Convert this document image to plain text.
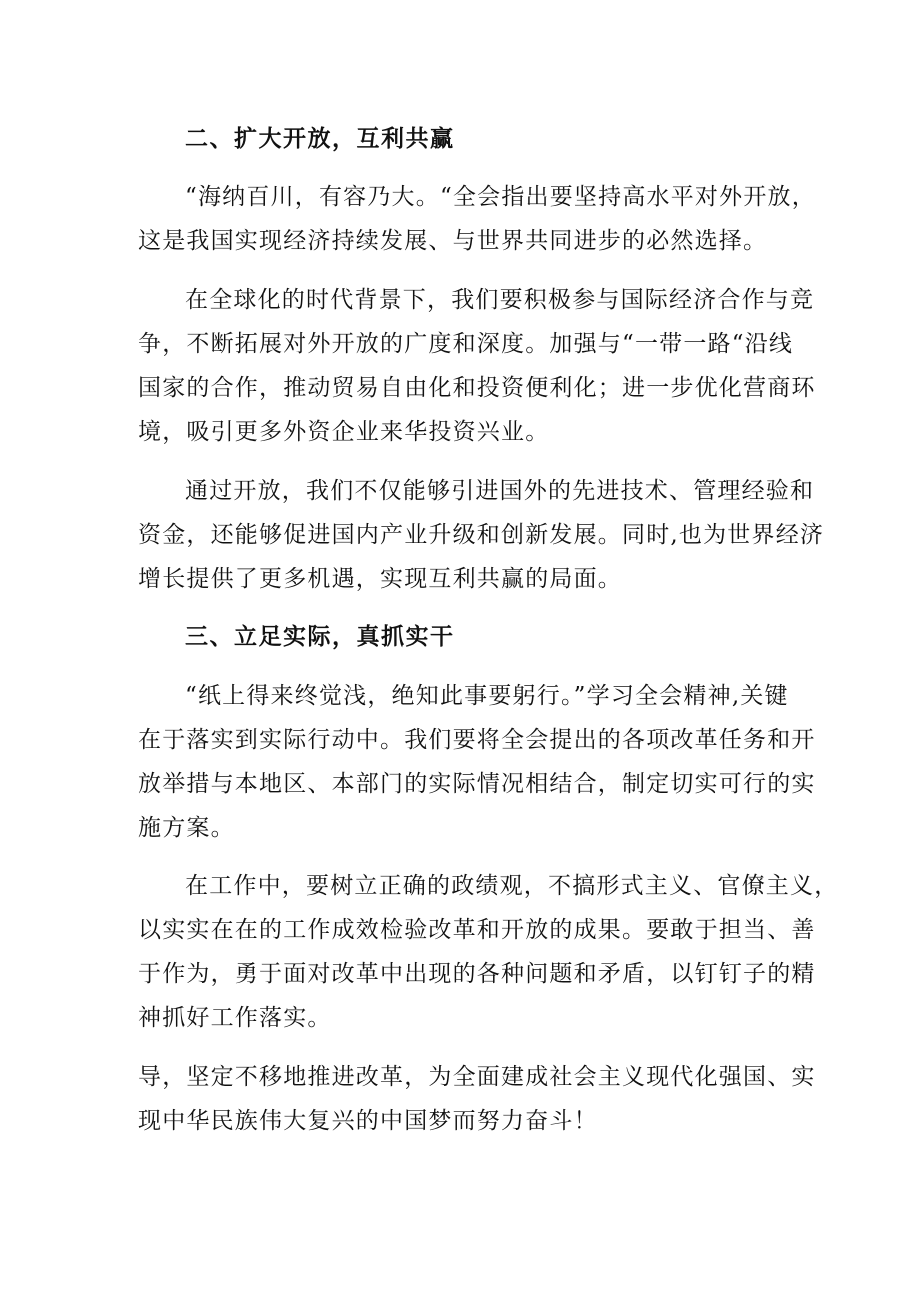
二、扩大开放，互利共赢
“海纳百川，有容乃大。“全会指出要坚持高水平对外开放，
这是我国实现经济持续发展、与世界共同进步的必然选择。
在全球化的时代背景下，我们要积极参与国际经济合作与竞
争，不断拓展对外开放的广度和深度。加强与“一带一路“沿线
国家的合作，推动贸易自由化和投资便利化；进一步优化营商环
境，吸引更多外资企业来华投资兴业。
通过开放，我们不仅能够引进国外的先进技术、管理经验和
资金，还能够促进国内产业升级和创新发展。同时,也为世界经济
增长提供了更多机遇，实现互利共赢的局面。
三、立足实际，真抓实干
“纸上得来终觉浅，绝知此事要躬行。”学习全会精神,关键
在于落实到实际行动中。我们要将全会提出的各项改革任务和开
放举措与本地区、本部门的实际情况相结合，制定切实可行的实
施方案。
在工作中，要树立正确的政绩观，不搞形式主义、官僚主义，
以实实在在的工作成效检验改革和开放的成果。要敢于担当、善
于作为，勇于面对改革中出现的各种问题和矛盾，以钉钉子的精
神抓好工作落实。
导，坚定不移地推进改革，为全面建成社会主义现代化强国、实
现中华民族伟大复兴的中国梦而努力奋斗！
